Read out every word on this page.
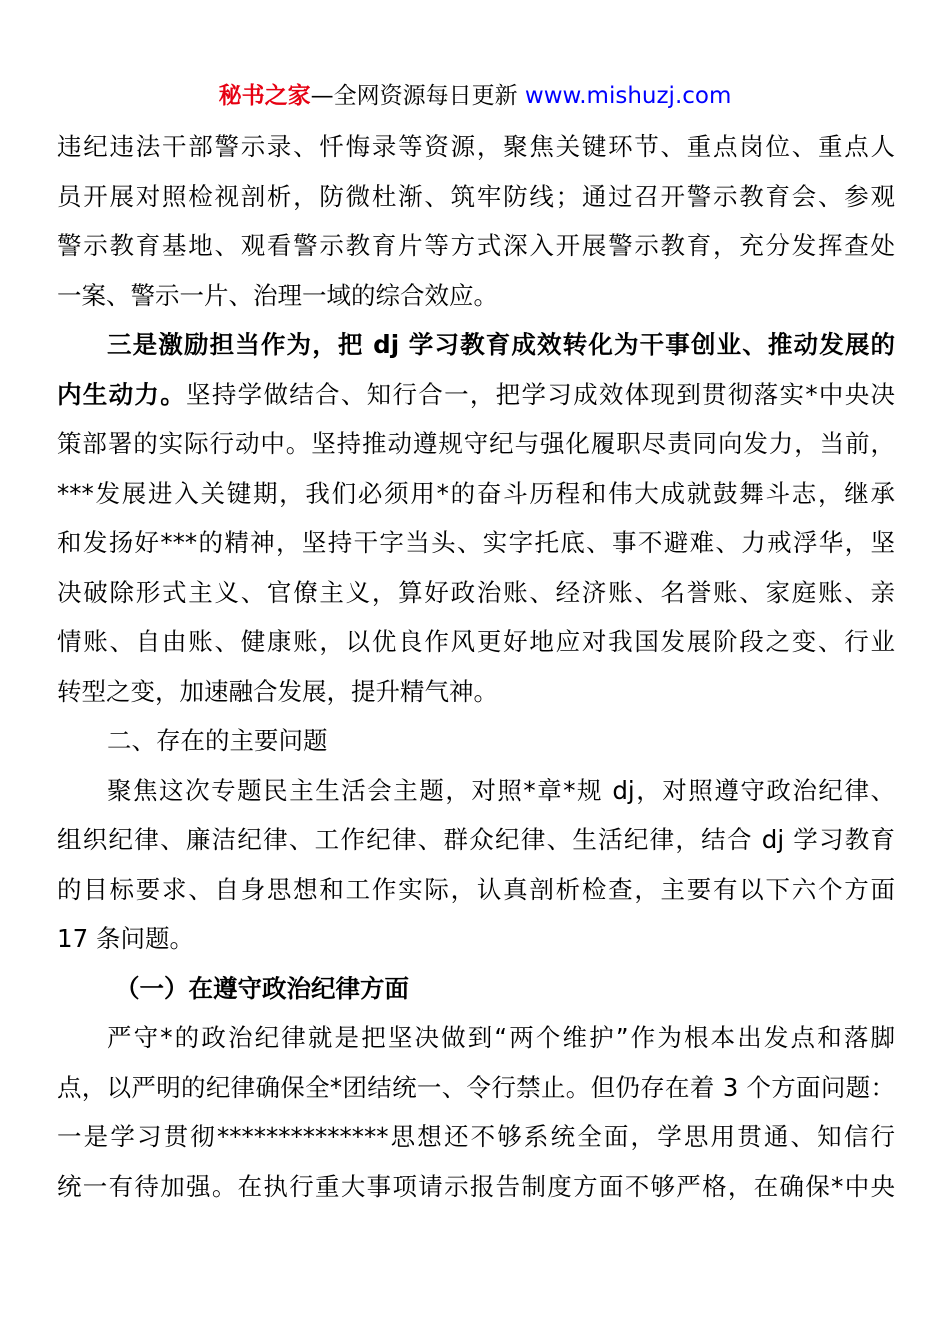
秘书之家—全网资源每日更新 www.mishuzj.com
违纪违法干部警示录、忏悔录等资源，聚焦关键环节、重点岗位、重点人
员开展对照检视剖析，防微杜渐、筑牢防线；通过召开警示教育会、参观
警示教育基地、观看警示教育片等方式深入开展警示教育，充分发挥查处
一案、警示一片、治理一域的综合效应。
三是激励担当作为，把 dj 学习教育成效转化为干事创业、推动发展的
内生动力。坚持学做结合、知行合一，把学习成效体现到贯彻落实*中央决
策部署的实际行动中。坚持推动遵规守纪与强化履职尽责同向发力，当前，
***发展进入关键期，我们必须用*的奋斗历程和伟大成就鼓舞斗志，继承
和发扬好***的精神，坚持干字当头、实字托底、事不避难、力戒浮华，坚
决破除形式主义、官僚主义，算好政治账、经济账、名誉账、家庭账、亲
情账、自由账、健康账，以优良作风更好地应对我国发展阶段之变、行业
转型之变，加速融合发展，提升精气神。
二、存在的主要问题
聚焦这次专题民主生活会主题，对照*章*规 dj，对照遵守政治纪律、
组织纪律、廉洁纪律、工作纪律、群众纪律、生活纪律，结合 dj 学习教育
的目标要求、自身思想和工作实际，认真剖析检查，主要有以下六个方面
17 条问题。
（一）在遵守政治纪律方面
严守*的政治纪律就是把坚决做到“两个维护”作为根本出发点和落脚
点，以严明的纪律确保全*团结统一、令行禁止。但仍存在着 3 个方面问题：
一是学习贯彻**************思想还不够系统全面，学思用贯通、知信行
统一有待加强。在执行重大事项请示报告制度方面不够严格，在确保*中央
